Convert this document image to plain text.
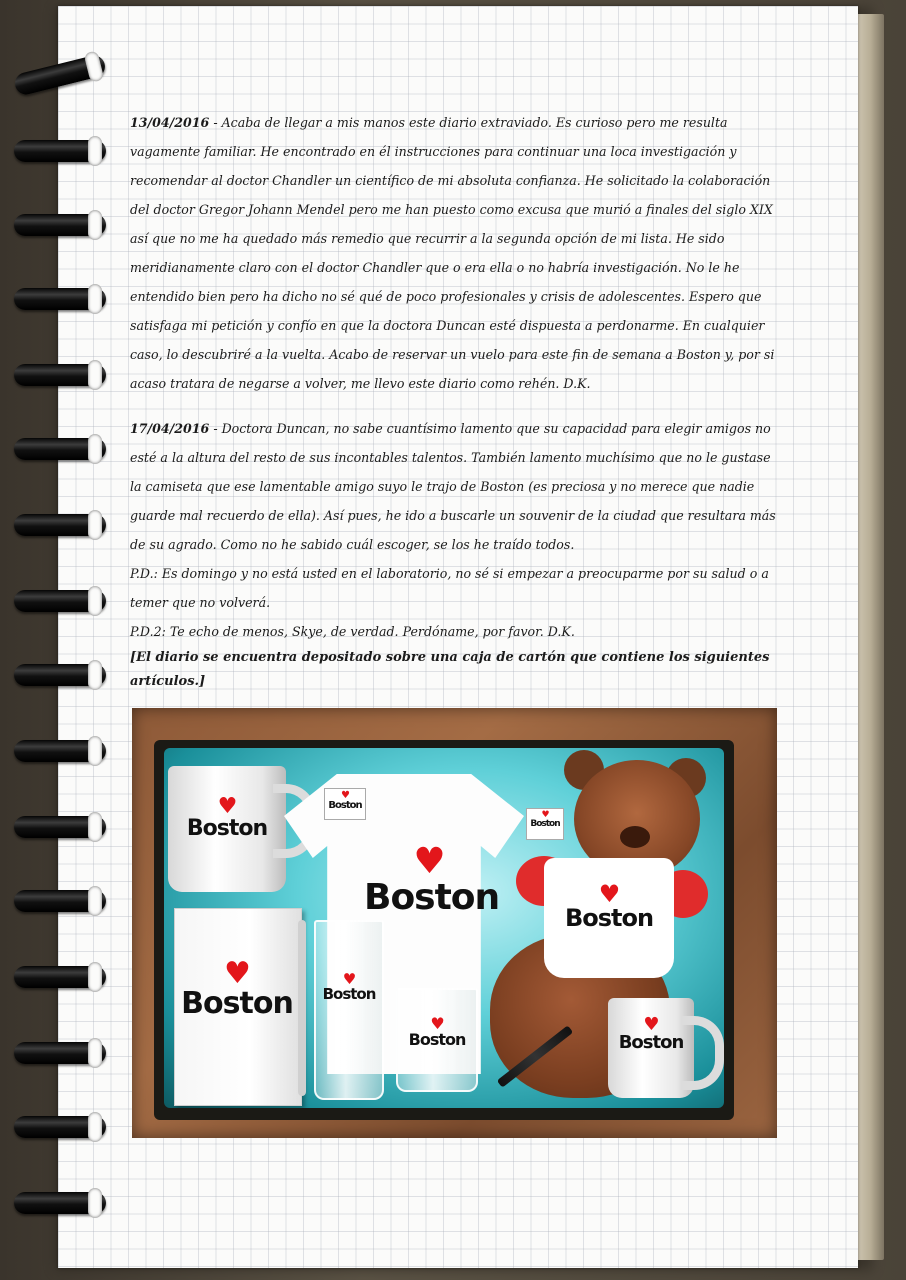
13/04/2016 - Acaba de llegar a mis manos este diario extraviado. Es curioso pero me resulta vagamente familiar. He encontrado en él instrucciones para continuar una loca investigación y recomendar al doctor Chandler un científico de mi absoluta confianza. He solicitado la colaboración del doctor Gregor Johann Mendel pero me han puesto como excusa que murió a finales del siglo XIX así que no me ha quedado más remedio que recurrir a la segunda opción de mi lista. He sido meridianamente claro con el doctor Chandler que o era ella o no habría investigación. No le he entendido bien pero ha dicho no sé qué de poco profesionales y crisis de adolescentes. Espero que satisfaga mi petición y confío en que la doctora Duncan esté dispuesta a perdonarme. En cualquier caso, lo descubriré a la vuelta. Acabo de reservar un vuelo para este fin de semana a Boston y, por si acaso tratara de negarse a volver, me llevo este diario como rehén. D.K.

17/04/2016 - Doctora Duncan, no sabe cuantísimo lamento que su capacidad para elegir amigos no esté a la altura del resto de sus incontables talentos. También lamento muchísimo que no le gustase la camiseta que ese lamentable amigo suyo le trajo de Boston (es preciosa y no merece que nadie guarde mal recuerdo de ella). Así pues, he ido a buscarle un souvenir de la ciudad que resultara más de su agrado. Como no he sabido cuál escoger, se los he traído todos.

P.D.: Es domingo y no está usted en el laboratorio, no sé si empezar a preocuparme por su salud o a temer que no volverá.

P.D.2: Te echo de menos, Skye, de verdad. Perdóname, por favor. D.K.

[El diario se encuentra depositado sobre una caja de cartón que contiene los siguientes artículos.]

♥
Boston
♥
Boston
♥
Boston
♥
Boston
♥
Boston
♥
Boston
♥
Boston
♥
Boston
♥
Boston
